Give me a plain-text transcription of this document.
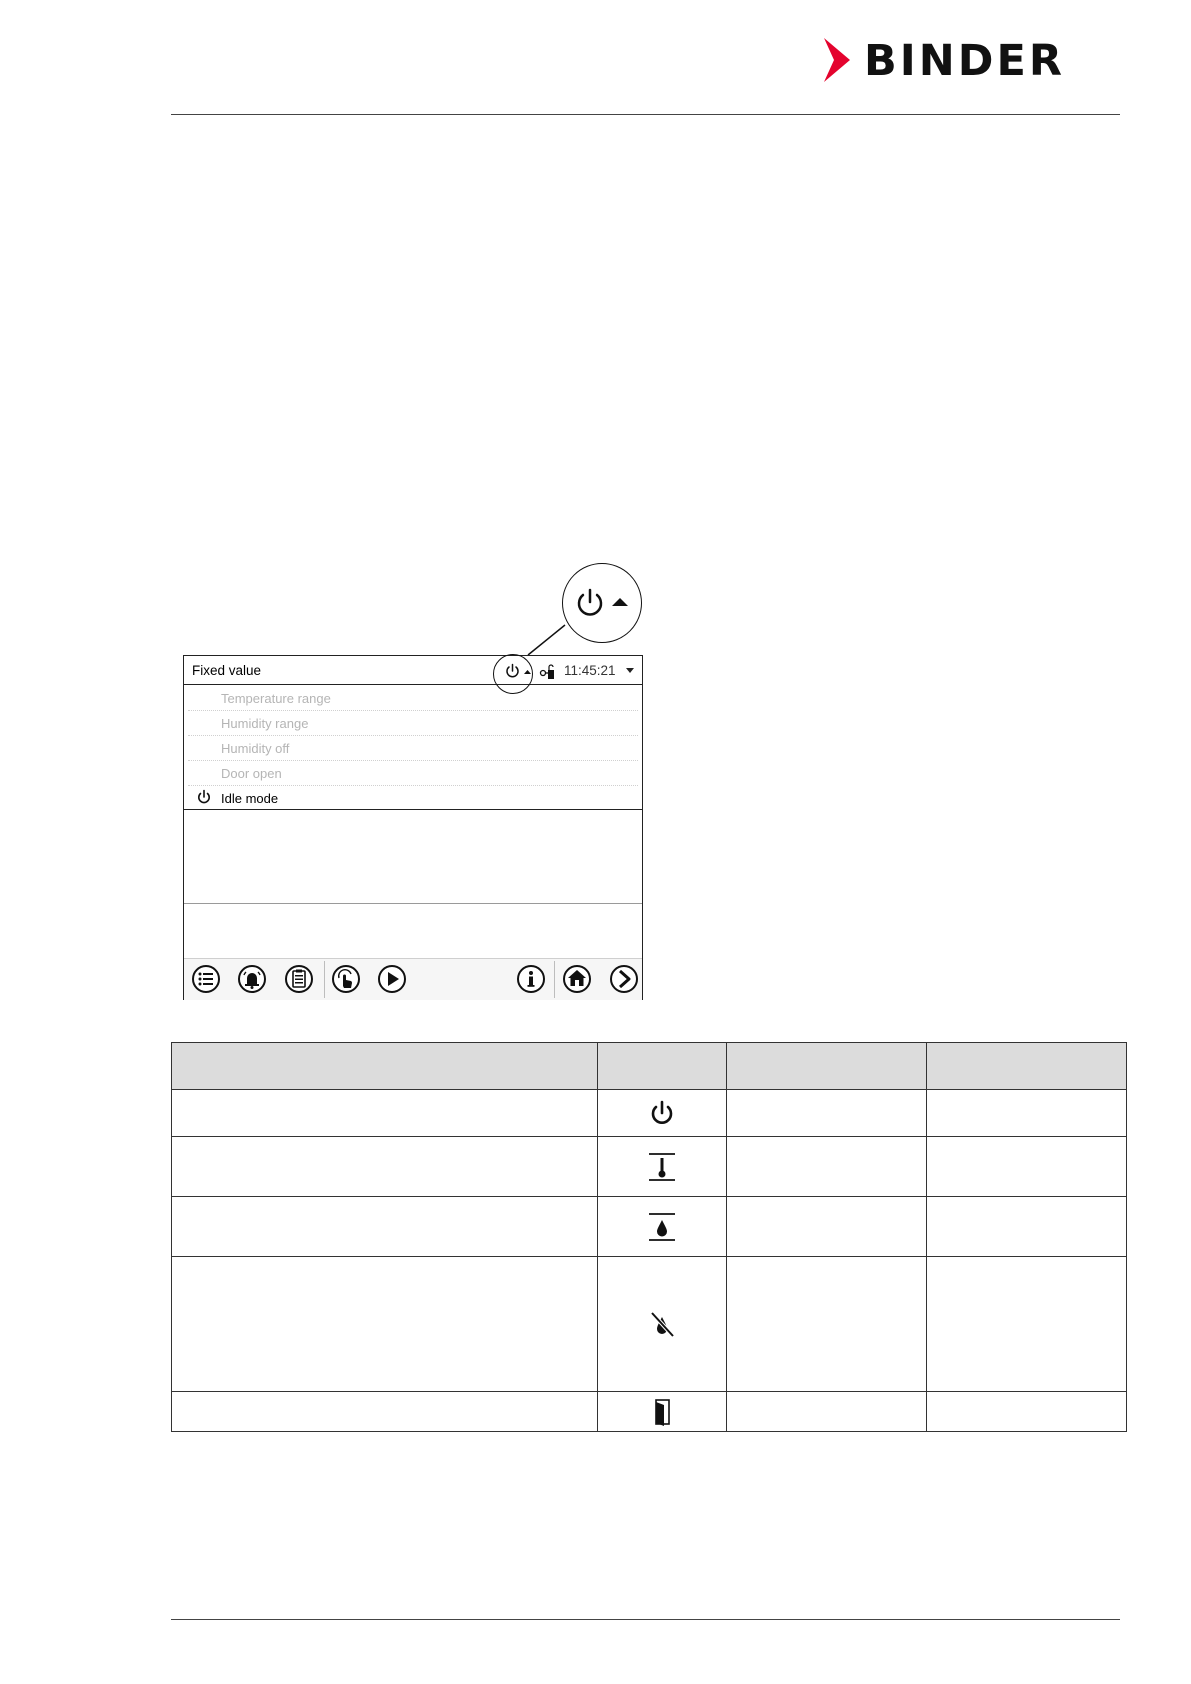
BINDER
Fixed value	11:45:21
Temperature range
Humidity range
Humidity off
Door open
Idle mode
